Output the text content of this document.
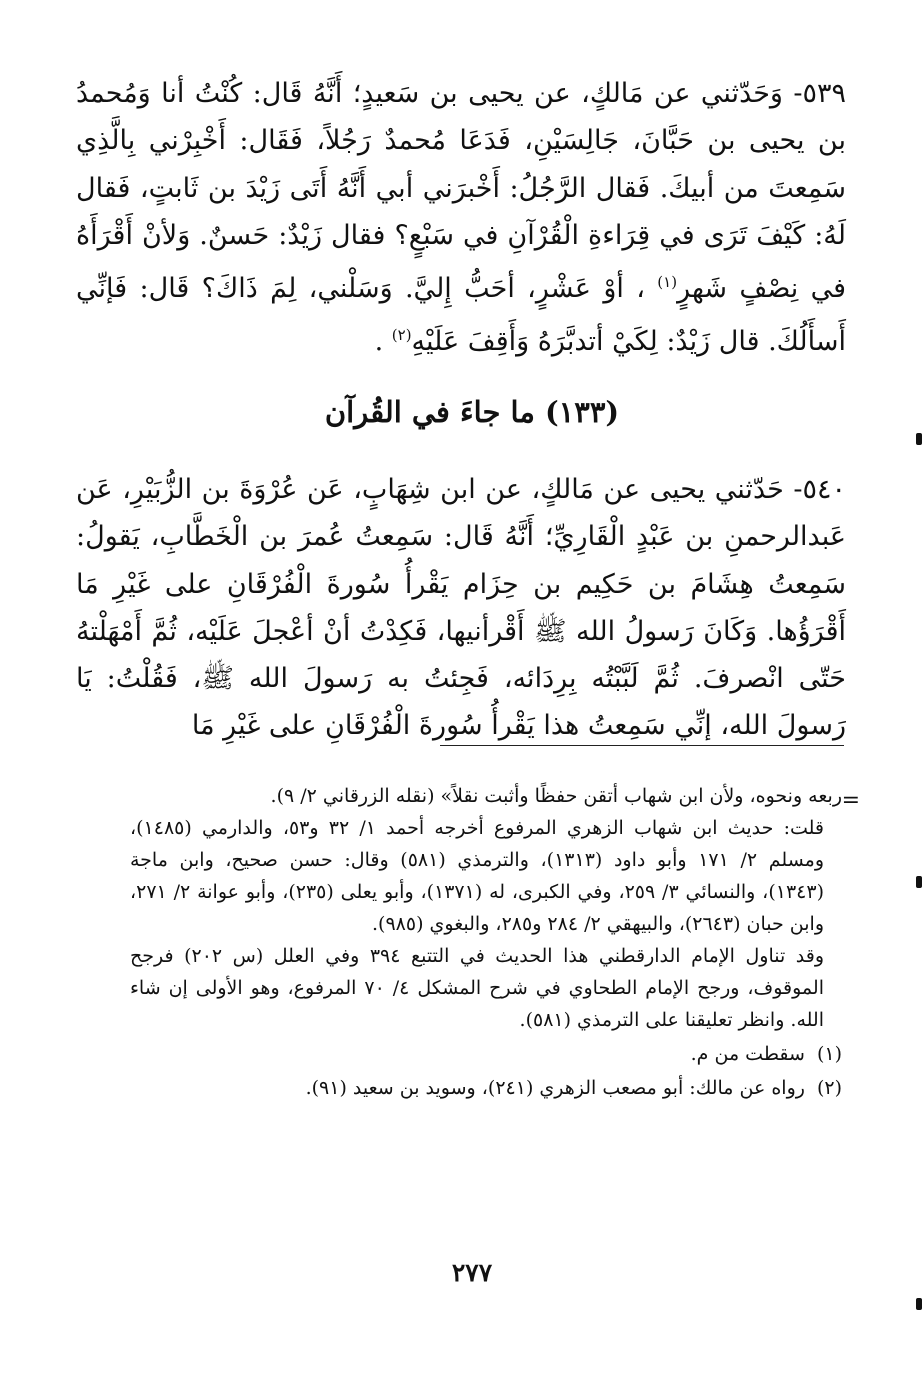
٥٣٩- وَحَدّثني عن مَالكٍ، عن يحيى بن سَعيدٍ؛ أَنَّهُ قَال: كُنْتُ أنا وَمُحمدُ بن يحيى بن حَبَّانَ، جَالِسَيْنِ، فَدَعَا مُحمدٌ رَجُلاً، فَقَال: أَخْبِرْني بِالَّذِي سَمِعتَ من أبيكَ. فَقال الرَّجُلُ: أَخْبرَني أبي أَنَّهُ أَتَى زَيْدَ بن ثَابتٍ، فَقال لَهُ: كَيْفَ تَرَى في قِرَاءةِ الْقُرْآنِ في سَبْعٍ؟ فقال زَيْدٌ: حَسنٌ. وَلأنْ أَقْرَأَهُ في نِصْفٍ شَهرٍ$^{(١)}$ ، أوْ عَشْرٍ، أحَبُّ إِليَّ. وَسَلْني، لِمَ ذَاكَ؟ قَال: فَإنِّي أَسأَلُكَ. قال زَيْدٌ: لِكَيْ أتدبَّرَهُ وَأَقِفَ عَلَيْهِ$^{(٢)}$ .
(١٣٣) ما جاءَ في القُرآن
٥٤٠- حَدّثني يحيى عن مَالكٍ، عن ابن شِهَابٍ، عَن عُرْوَةَ بن الزُّبَيْرِ، عَن عَبدالرحمنِ بن عَبْدٍ الْقَارِيِّ؛ أَنَّهُ قَال: سَمِعتُ عُمرَ بن الْخَطَّابِ، يَقولُ: سَمِعتُ هِشَامَ بن حَكِيم بن حِزَام يَقْرأُ سُورةَ الْفُرْقَانِ على غَيْرِ مَا أَقْرَؤُها. وَكَانَ رَسولُ الله ﷺ أَقْرأنيها، فَكِدْتُ أنْ أعْجلَ عَلَيْه، ثُمَّ أَمْهَلْتهُ حَتّى انْصرفَ. ثُمَّ لَبَّبْتُه بِرِدَائه، فَجِئتُ به رَسولَ الله ﷺ، فَقُلْتُ: يَا رَسولَ الله، إنِّي سَمِعتُ هذا يَقْرأُ سُورةَ الْفُرْقَانِ على غَيْرِ مَا
=

ربعه ونحوه، ولأن ابن شهاب أتقن حفظًا وأثبت نقلاً» (نقله الزرقاني ٢/ ٩).

قلت: حديث ابن شهاب الزهري المرفوع أخرجه أحمد ١/ ٣٢ و٥٣، والدارمي (١٤٨٥)، ومسلم ٢/ ١٧١ وأبو داود (١٣١٣)، والترمذي (٥٨١) وقال: حسن صحيح، وابن ماجة (١٣٤٣)، والنسائي ٣/ ٢٥٩، وفي الكبرى، له (١٣٧١)، وأبو يعلى (٢٣٥)، وأبو عوانة ٢/ ٢٧١، وابن حبان (٢٦٤٣)، والبيهقي ٢/ ٢٨٤ و٢٨٥، والبغوي (٩٨٥).

وقد تناول الإمام الدارقطني هذا الحديث في التتبع ٣٩٤ وفي العلل (س ٢٠٢) فرجح الموقوف، ورجح الإمام الطحاوي في شرح المشكل ٤/ ٧٠ المرفوع، وهو الأولى إن شاء الله. وانظر تعليقنا على الترمذي (٥٨١).

(١)سقطت من م.

(٢)رواه عن مالك: أبو مصعب الزهري (٢٤١)، وسويد بن سعيد (٩١).

٢٧٧
